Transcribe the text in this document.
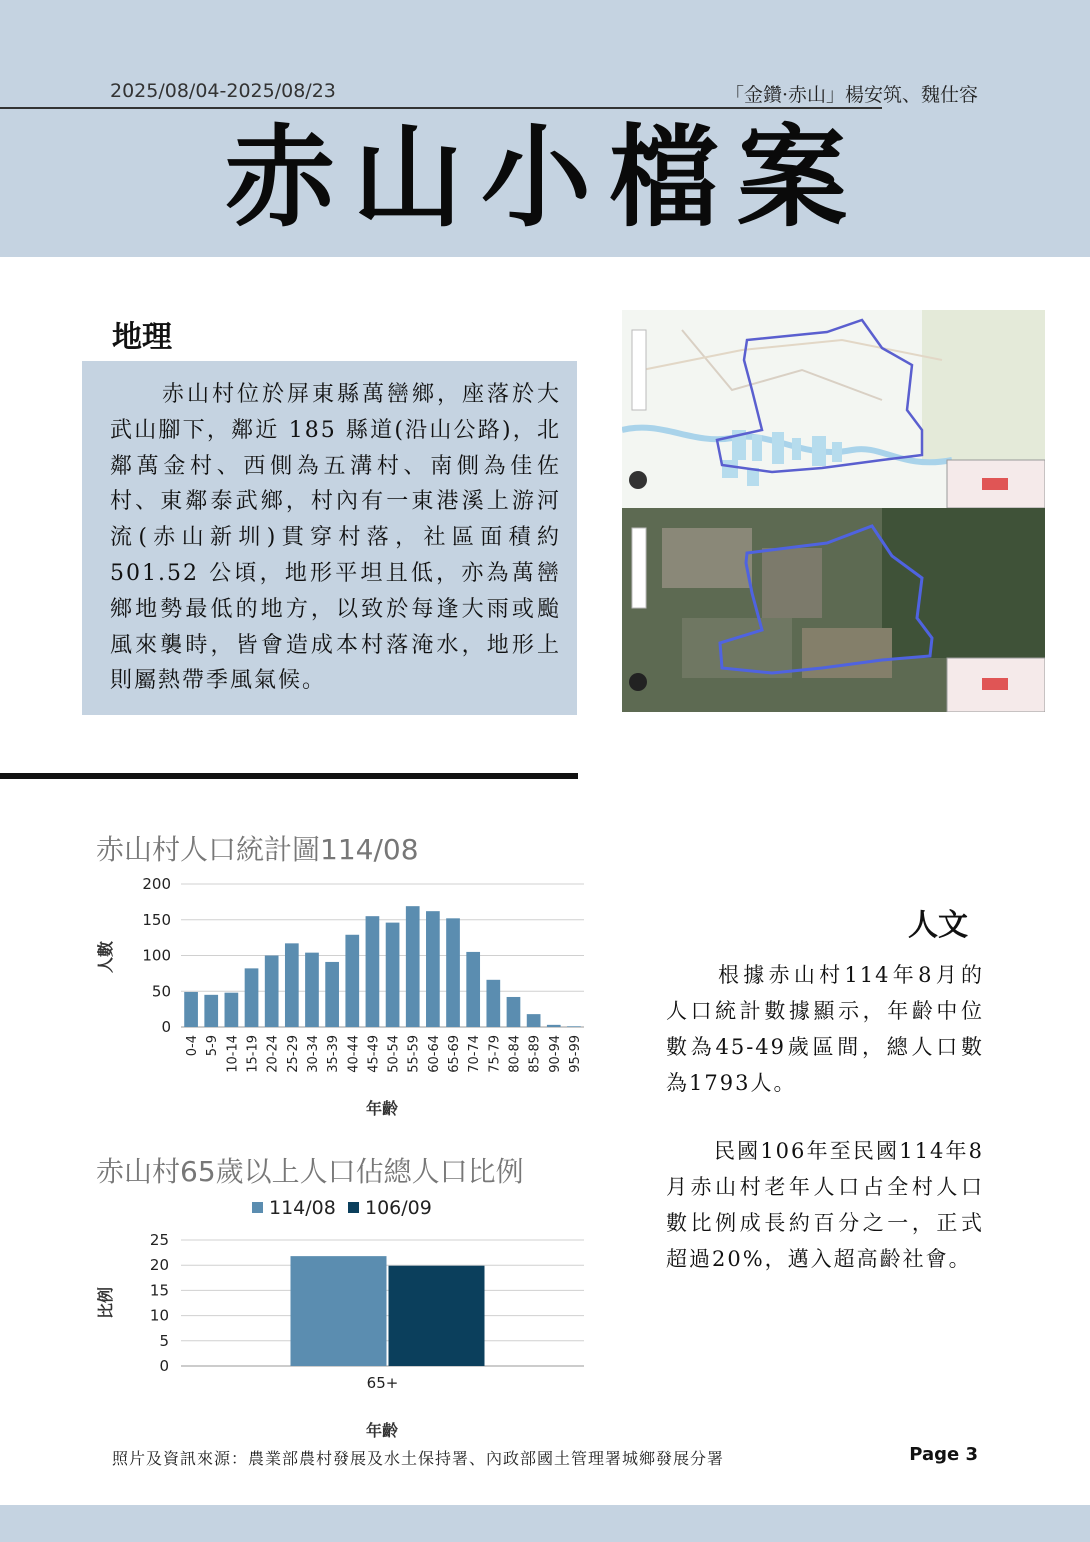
2025/08/04-2025/08/23	「金鑽·赤山」楊安筑、魏仕容
赤山小檔案
地理

赤山村位於屏東縣萬巒鄉，座落於大武山腳下，鄰近 185 縣道(沿山公路)，北鄰萬金村、西側為五溝村、南側為佳佐村、東鄰泰武鄉，村內有一東港溪上游河流(赤山新圳)貫穿村落，社區面積約 501.52 公頃，地形平坦且低，亦為萬巒鄉地勢最低的地方，以致於每逢大雨或颱風來襲時，皆會造成本村落淹水，地形上則屬熱帶季風氣候。

赤山村人口統計圖114/08
人數
年齡
200
150
100
50
0
0-4 5-9 10-14 15-19 20-24 25-29 30-34 35-39 40-44 45-49 50-54 55-59 60-64 65-69 70-74 75-79 80-84 85-89 90-94 95-99
赤山村65歲以上人口佔總人口比例
114/08 106/09
比例
年齡
25
20
15
10
5
0
65+
人文

根據赤山村114年8月的人口統計數據顯示，年齡中位數為45-49歲區間，總人口數為1793人。

民國106年至民國114年8月赤山村老年人口占全村人口數比例成長約百分之一，正式超過20%，邁入超高齡社會。

照片及資訊來源：農業部農村發展及水土保持署、內政部國土管理署城鄉發展分署	Page 3
